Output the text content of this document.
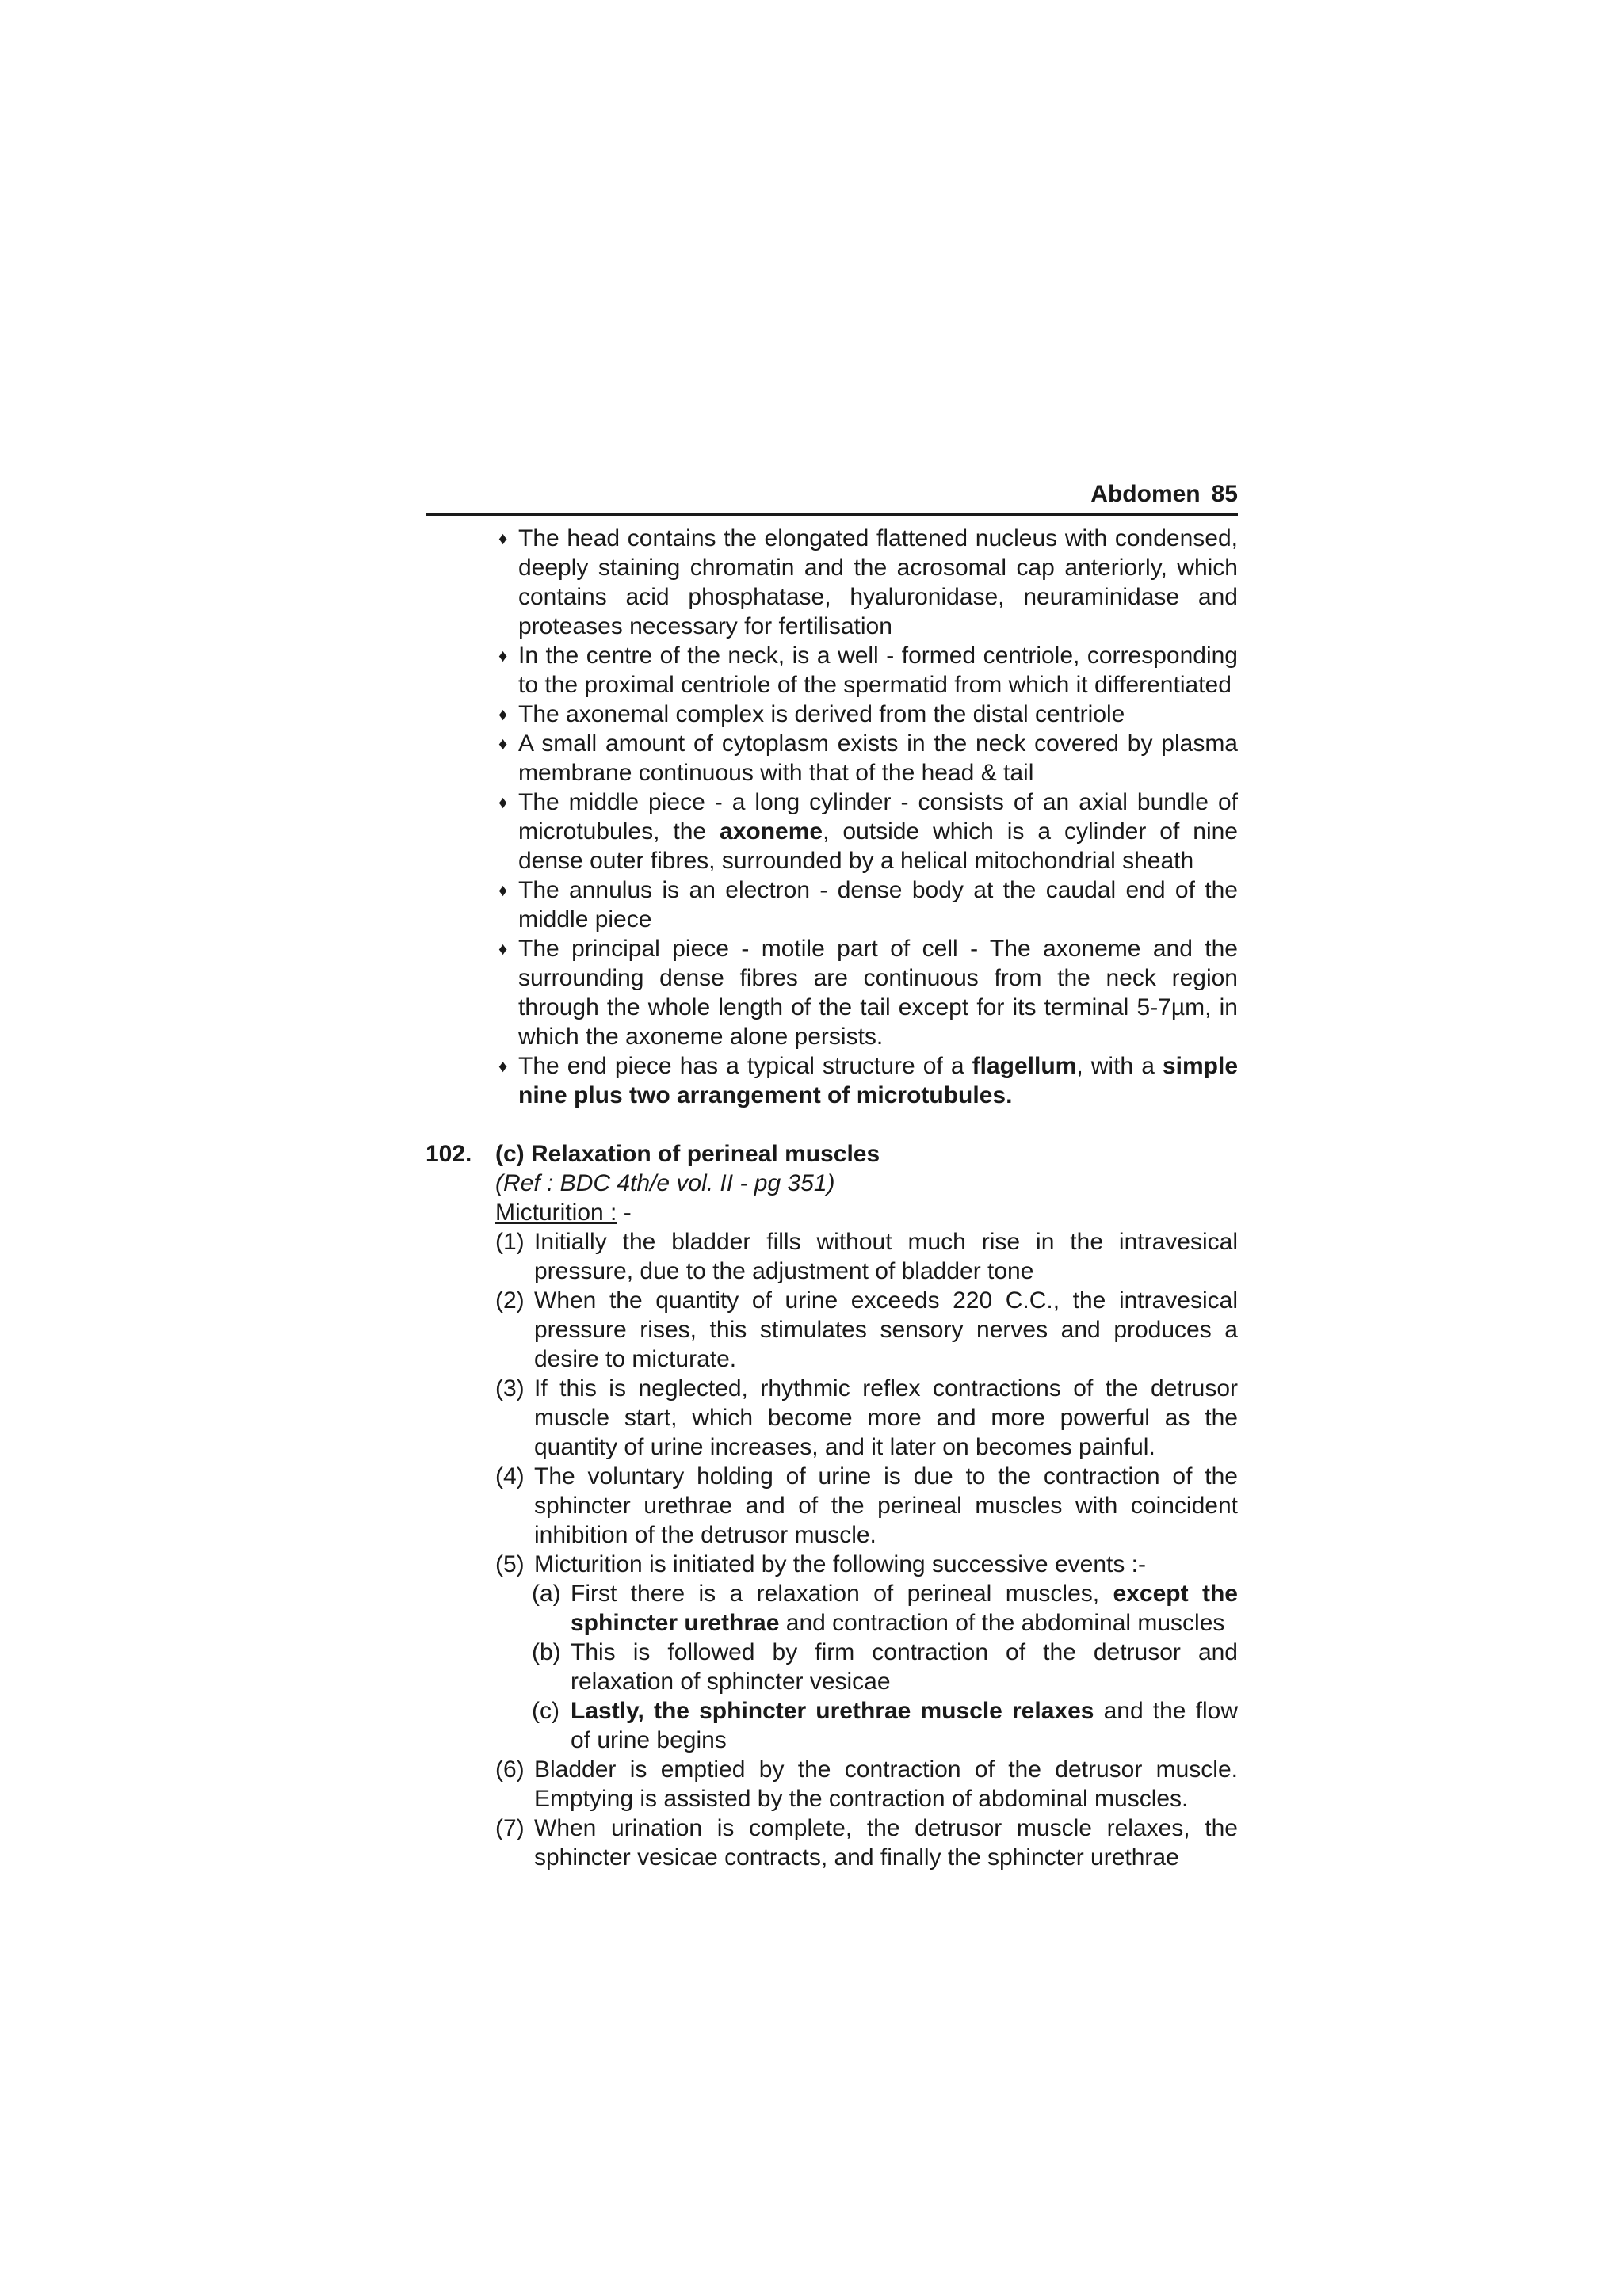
Abdomen 85
♦ The head contains the elongated flattened nucleus with condensed, deeply staining chromatin and the acrosomal cap anteriorly, which contains acid phosphatase, hyaluronidase, neuraminidase and proteases necessary for fertilisation
♦ In the centre of the neck, is a well - formed centriole, corresponding to the proximal centriole of the spermatid from which it differentiated
♦ The axonemal complex is derived from the distal centriole
♦ A small amount of cytoplasm exists in the neck covered by plasma membrane continuous with that of the head & tail
♦ The middle piece - a long cylinder - consists of an axial bundle of microtubules, the axoneme, outside which is a cylinder of nine dense outer fibres, surrounded by a helical mitochondrial sheath
♦ The annulus is an electron - dense body at the caudal end of the middle piece
♦ The principal piece - motile part of cell - The axoneme and the surrounding dense fibres are continuous from the neck region through the whole length of the tail except for its terminal 5-7µm, in which the axoneme alone persists.
♦ The end piece has a typical structure of a flagellum, with a simple nine plus two arrangement of microtubules.
102. (c) Relaxation of perineal muscles
(Ref : BDC 4th/e vol. II - pg 351)
Micturition : -
(1) Initially the bladder fills without much rise in the intravesical pressure, due to the adjustment of bladder tone
(2) When the quantity of urine exceeds 220 C.C., the intravesical pressure rises, this stimulates sensory nerves and produces a desire to micturate.
(3) If this is neglected, rhythmic reflex contractions of the detrusor muscle start, which become more and more powerful as the quantity of urine increases, and it later on becomes painful.
(4) The voluntary holding of urine is due to the contraction of the sphincter urethrae and of the perineal muscles with coincident inhibition of the detrusor muscle.
(5) Micturition is initiated by the following successive events :-
(a) First there is a relaxation of perineal muscles, except the sphincter urethrae and contraction of the abdominal muscles
(b) This is followed by firm contraction of the detrusor and relaxation of sphincter vesicae
(c) Lastly, the sphincter urethrae muscle relaxes and the flow of urine begins
(6) Bladder is emptied by the contraction of the detrusor muscle. Emptying is assisted by the contraction of abdominal muscles.
(7) When urination is complete, the detrusor muscle relaxes, the sphincter vesicae contracts, and finally the sphincter urethrae
